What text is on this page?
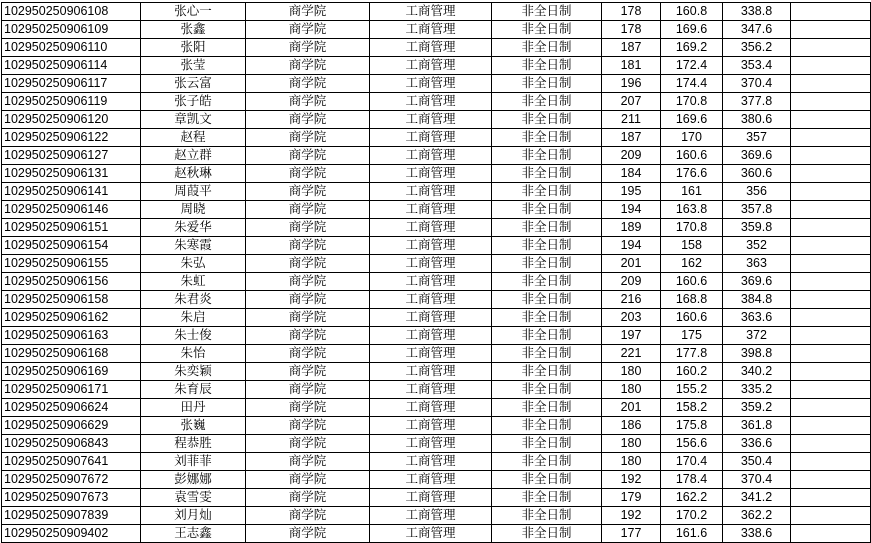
102950250906108	张心一	商学院	工商管理	非全日制	178	160.8	338.8	
102950250906109	张鑫	商学院	工商管理	非全日制	178	169.6	347.6	
102950250906110	张阳	商学院	工商管理	非全日制	187	169.2	356.2	
102950250906114	张莹	商学院	工商管理	非全日制	181	172.4	353.4	
102950250906117	张云富	商学院	工商管理	非全日制	196	174.4	370.4	
102950250906119	张子皓	商学院	工商管理	非全日制	207	170.8	377.8	
102950250906120	章凯文	商学院	工商管理	非全日制	211	169.6	380.6	
102950250906122	赵程	商学院	工商管理	非全日制	187	170	357	
102950250906127	赵立群	商学院	工商管理	非全日制	209	160.6	369.6	
102950250906131	赵秋琳	商学院	工商管理	非全日制	184	176.6	360.6	
102950250906141	周葭平	商学院	工商管理	非全日制	195	161	356	
102950250906146	周晓	商学院	工商管理	非全日制	194	163.8	357.8	
102950250906151	朱爱华	商学院	工商管理	非全日制	189	170.8	359.8	
102950250906154	朱寒霞	商学院	工商管理	非全日制	194	158	352	
102950250906155	朱弘	商学院	工商管理	非全日制	201	162	363	
102950250906156	朱虹	商学院	工商管理	非全日制	209	160.6	369.6	
102950250906158	朱君炎	商学院	工商管理	非全日制	216	168.8	384.8	
102950250906162	朱启	商学院	工商管理	非全日制	203	160.6	363.6	
102950250906163	朱士俊	商学院	工商管理	非全日制	197	175	372	
102950250906168	朱怡	商学院	工商管理	非全日制	221	177.8	398.8	
102950250906169	朱奕颖	商学院	工商管理	非全日制	180	160.2	340.2	
102950250906171	朱育辰	商学院	工商管理	非全日制	180	155.2	335.2	
102950250906624	田丹	商学院	工商管理	非全日制	201	158.2	359.2	
102950250906629	张巍	商学院	工商管理	非全日制	186	175.8	361.8	
102950250906843	程恭胜	商学院	工商管理	非全日制	180	156.6	336.6	
102950250907641	刘菲菲	商学院	工商管理	非全日制	180	170.4	350.4	
102950250907672	彭娜娜	商学院	工商管理	非全日制	192	178.4	370.4	
102950250907673	袁雪雯	商学院	工商管理	非全日制	179	162.2	341.2	
102950250907839	刘月灿	商学院	工商管理	非全日制	192	170.2	362.2	
102950250909402	王志鑫	商学院	工商管理	非全日制	177	161.6	338.6	
